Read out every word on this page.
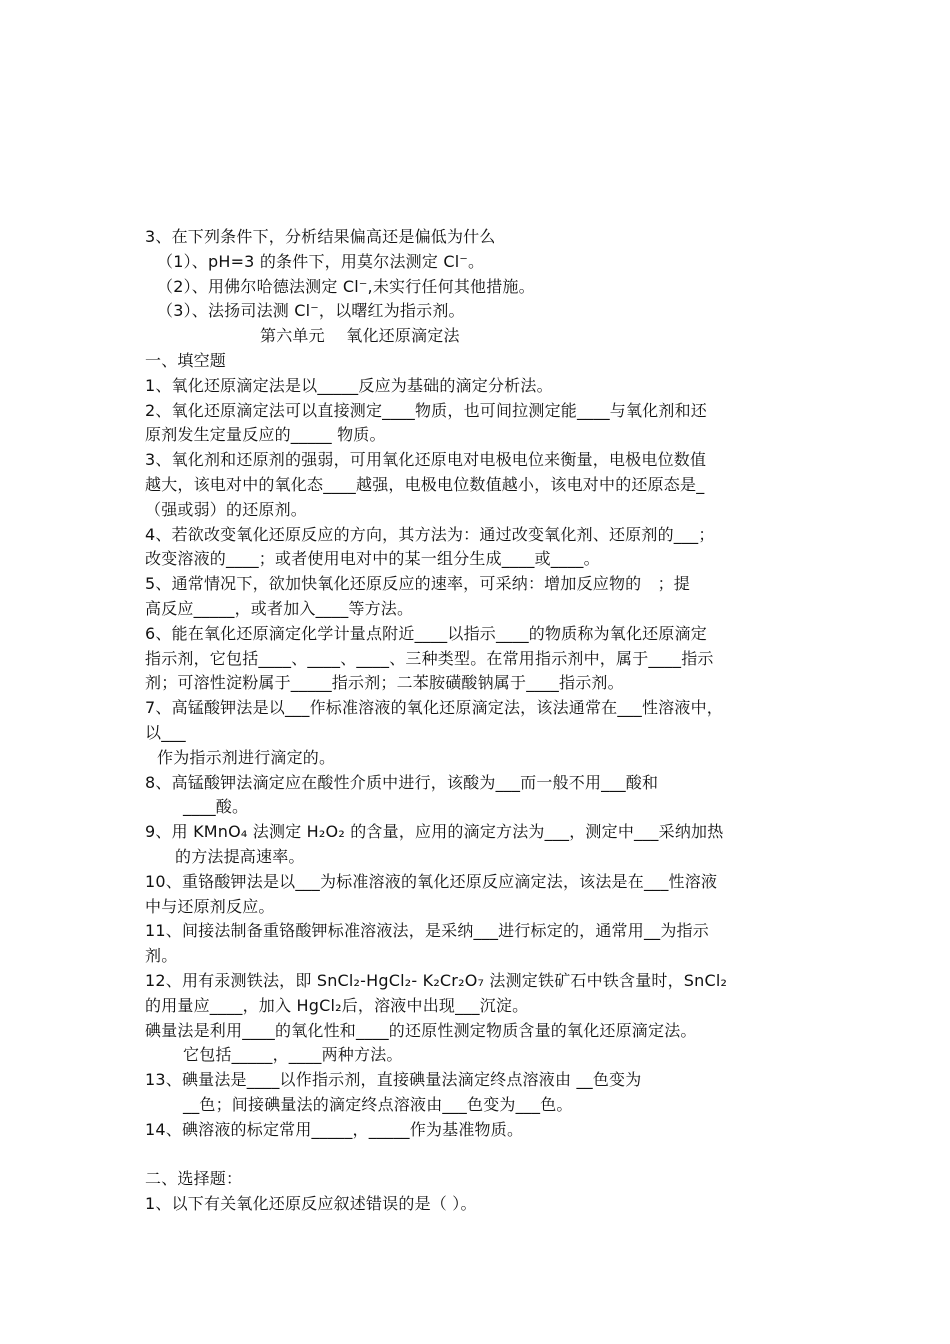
3、在下列条件下，分析结果偏高还是偏低为什么
（1）、pH=3 的条件下，用莫尔法测定 Cl⁻。
（2）、用佛尔哈德法测定 Cl⁻,未实行任何其他措施。
（3）、法扬司法测 Cl⁻，以曙红为指示剂。
第六单元　 氧化还原滴定法
一、填空题
1、氧化还原滴定法是以_____反应为基础的滴定分析法。
2、氧化还原滴定法可以直接测定____物质，也可间拉测定能____与氧化剂和还
原剂发生定量反应的_____ 物质。
3、氧化剂和还原剂的强弱，可用氧化还原电对电极电位来衡量，电极电位数值
越大，该电对中的氧化态____越强，电极电位数值越小，该电对中的还原态是_
（强或弱）的还原剂。
4、若欲改变氧化还原反应的方向，其方法为：通过改变氧化剂、还原剂的___；
改变溶液的____；或者使用电对中的某一组分生成____或____。
5、通常情况下，欲加快氧化还原反应的速率，可采纳：增加反应物的　；提
高反应_____，或者加入____等方法。
6、能在氧化还原滴定化学计量点附近____以指示____的物质称为氧化还原滴定
指示剂，它包括____、____、____、三种类型。在常用指示剂中，属于____指示
剂；可溶性淀粉属于_____指示剂；二苯胺磺酸钠属于____指示剂。
7、高锰酸钾法是以___作标准溶液的氧化还原滴定法，该法通常在___性溶液中，
以___
作为指示剂进行滴定的。
8、高锰酸钾法滴定应在酸性介质中进行，该酸为___而一般不用___酸和
____酸。
9、用 KMnO₄ 法测定 H₂O₂ 的含量，应用的滴定方法为___，测定中___采纳加热
的方法提高速率。
10、重铬酸钾法是以___为标准溶液的氧化还原反应滴定法，该法是在___性溶液
中与还原剂反应。
11、间接法制备重铬酸钾标准溶液法，是采纳___进行标定的，通常用__为指示
剂。
12、用有汞测铁法，即 SnCl₂-HgCl₂- K₂Cr₂O₇ 法测定铁矿石中铁含量时，SnCl₂
的用量应____，加入 HgCl₂后，溶液中出现___沉淀。
碘量法是利用____的氧化性和____的还原性测定物质含量的氧化还原滴定法。
它包括_____，____两种方法。
13、碘量法是____以作指示剂，直接碘量法滴定终点溶液由 __色变为
__色；间接碘量法的滴定终点溶液由___色变为___色。
14、碘溶液的标定常用_____，_____作为基准物质。
二、选择题：
1、以下有关氧化还原反应叙述错误的是（ ）。
